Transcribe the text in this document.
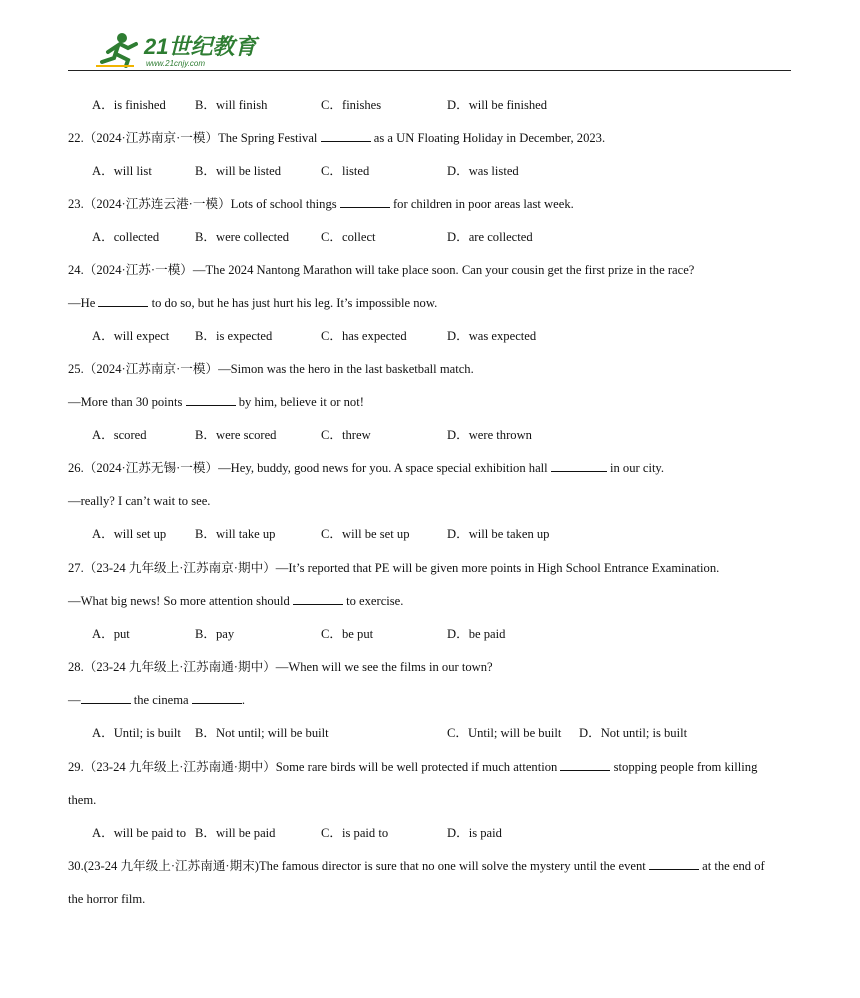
21世纪教育
www.21cnjy.com
A．is finished B．will finish	C．finishes	D．will be finished
22.（2024·江苏南京·一模）The Spring Festival	as a UN Floating Holiday in December, 2023.
A．will list	B．will be listed	C．listed	D．was listed
23.（2024·江苏连云港·一模）Lots of school things	for children in poor areas last week.
A．collected	B．were collected	C．collect	D．are collected
24.（2024·江苏·一模）—The 2024 Nantong Marathon will take place soon. Can your cousin get the first prize in the race?
—He	to do so, but he has just hurt his leg. It’s impossible now.
A．will expect B．is expected	C．has expected	D．was expected
25.（2024·江苏南京·一模）—Simon was the hero in the last basketball match.
—More than 30 points	by him, believe it or not!
A．scored	B．were scored	C．threw	D．were thrown
26.（2024·江苏无锡·一模）—Hey, buddy, good news for you. A space special exhibition hall	in our city.
—really? I can’t wait to see.
A．will set up B．will take up	C．will be set up	D．will be taken up
27.（23-24 九年级上·江苏南京·期中）—It’s reported that PE will be given more points in High School Entrance Examination.
—What big news! So more attention should	to exercise.
A．put	B．pay	C．be put	D．be paid
28.（23-24 九年级上·江苏南通·期中）—When will we see the films in our town?
—	the cinema	.
A．Until; is built B．Not until; will be built	C．Until; will be built D．Not until; is built
29.（23-24 九年级上·江苏南通·期中）Some rare birds will be well protected if much attention	stopping people from killing
them.
A．will be paid to B．will be paid	C．is paid to	D．is paid
30.(23-24 九年级上·江苏南通·期末)The famous director is sure that no one will solve the mystery until the event	at the end of
the horror film.
